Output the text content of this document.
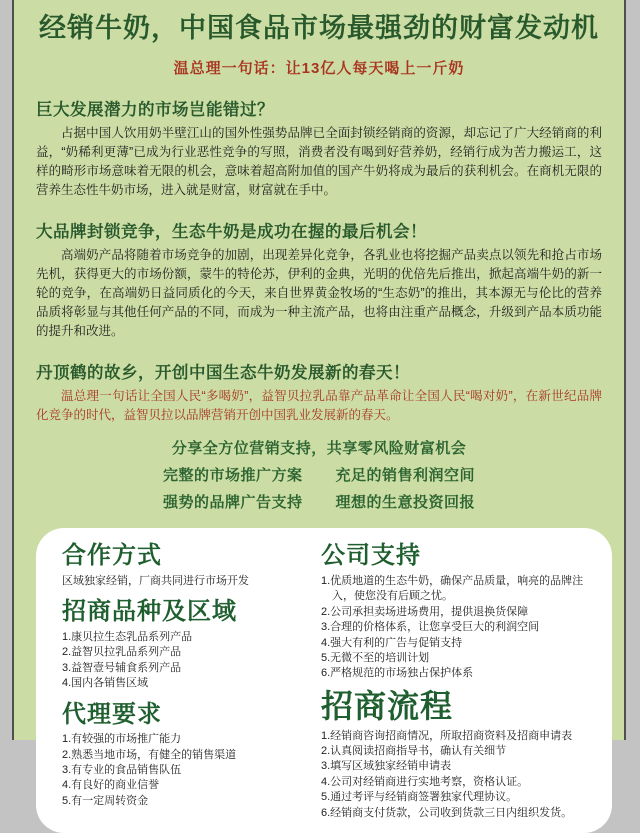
经销牛奶，中国食品市场最强劲的财富发动机
温总理一句话：让13亿人每天喝上一斤奶
巨大发展潜力的市场岂能错过？

占据中国人饮用奶半壁江山的国外性强势品牌已全面封锁经销商的资源，却忘记了广大经销商的利益，“奶稀利更薄”已成为行业恶性竞争的写照，消费者没有喝到好营养奶，经销行成为苦力搬运工，这样的畸形市场意味着无限的机会，意味着超高附加值的国产牛奶将成为最后的获利机会。在商机无限的营养生态性牛奶市场，进入就是财富，财富就在手中。

大品牌封锁竞争，生态牛奶是成功在握的最后机会！

高端奶产品将随着市场竞争的加剧，出现差异化竞争，各乳业也将挖掘产品卖点以领先和抢占市场先机，获得更大的市场份额，蒙牛的特伦苏，伊利的金典，光明的优倍先后推出，掀起高端牛奶的新一轮的竞争，在高端奶日益同质化的今天，来自世界黄金牧场的“生态奶”的推出，其本源无与伦比的营养品质将彰显与其他任何产品的不同，而成为一种主流产品，也将由注重产品概念，升级到产品本质功能的提升和改进。

丹顶鹤的故乡，开创中国生态牛奶发展新的春天！

温总理一句话让全国人民“多喝奶”，益智贝拉乳品靠产品革命让全国人民“喝对奶”，在新世纪品牌化竞争的时代，益智贝拉以品牌营销开创中国乳业发展新的春天。

分享全方位营销支持，共享零风险财富机会
完整的市场推广方案 充足的销售利润空间
强势的品牌广告支持 理想的生意投资回报
合作方式
区域独家经销，厂商共同进行市场开发
招商品种及区域
1.康贝拉生态乳品系列产品
2.益智贝拉乳品系列产品
3.益智壹号辅食系列产品
4.国内各销售区域
代理要求
1.有较强的市场推广能力
2.熟悉当地市场，有健全的销售渠道
3.有专业的食品销售队伍
4.有良好的商业信誉
5.有一定周转资金
公司支持
1.优质地道的生态牛奶，确保产品质量，响亮的品牌注入，使您没有后顾之忧。
2.公司承担卖场进场费用，提供退换货保障
3.合理的价格体系，让您享受巨大的利润空间
4.强大有利的广告与促销支持
5.无微不至的培训计划
6.严格规范的市场独占保护体系
招商流程
1.经销商咨询招商情况，所取招商资料及招商申请表
2.认真阅读招商指导书，确认有关细节
3.填写区域独家经销申请表
4.公司对经销商进行实地考察，资格认证。
5.通过考评与经销商签署独家代理协议。
6.经销商支付货款，公司收到货款三日内组织发货。
